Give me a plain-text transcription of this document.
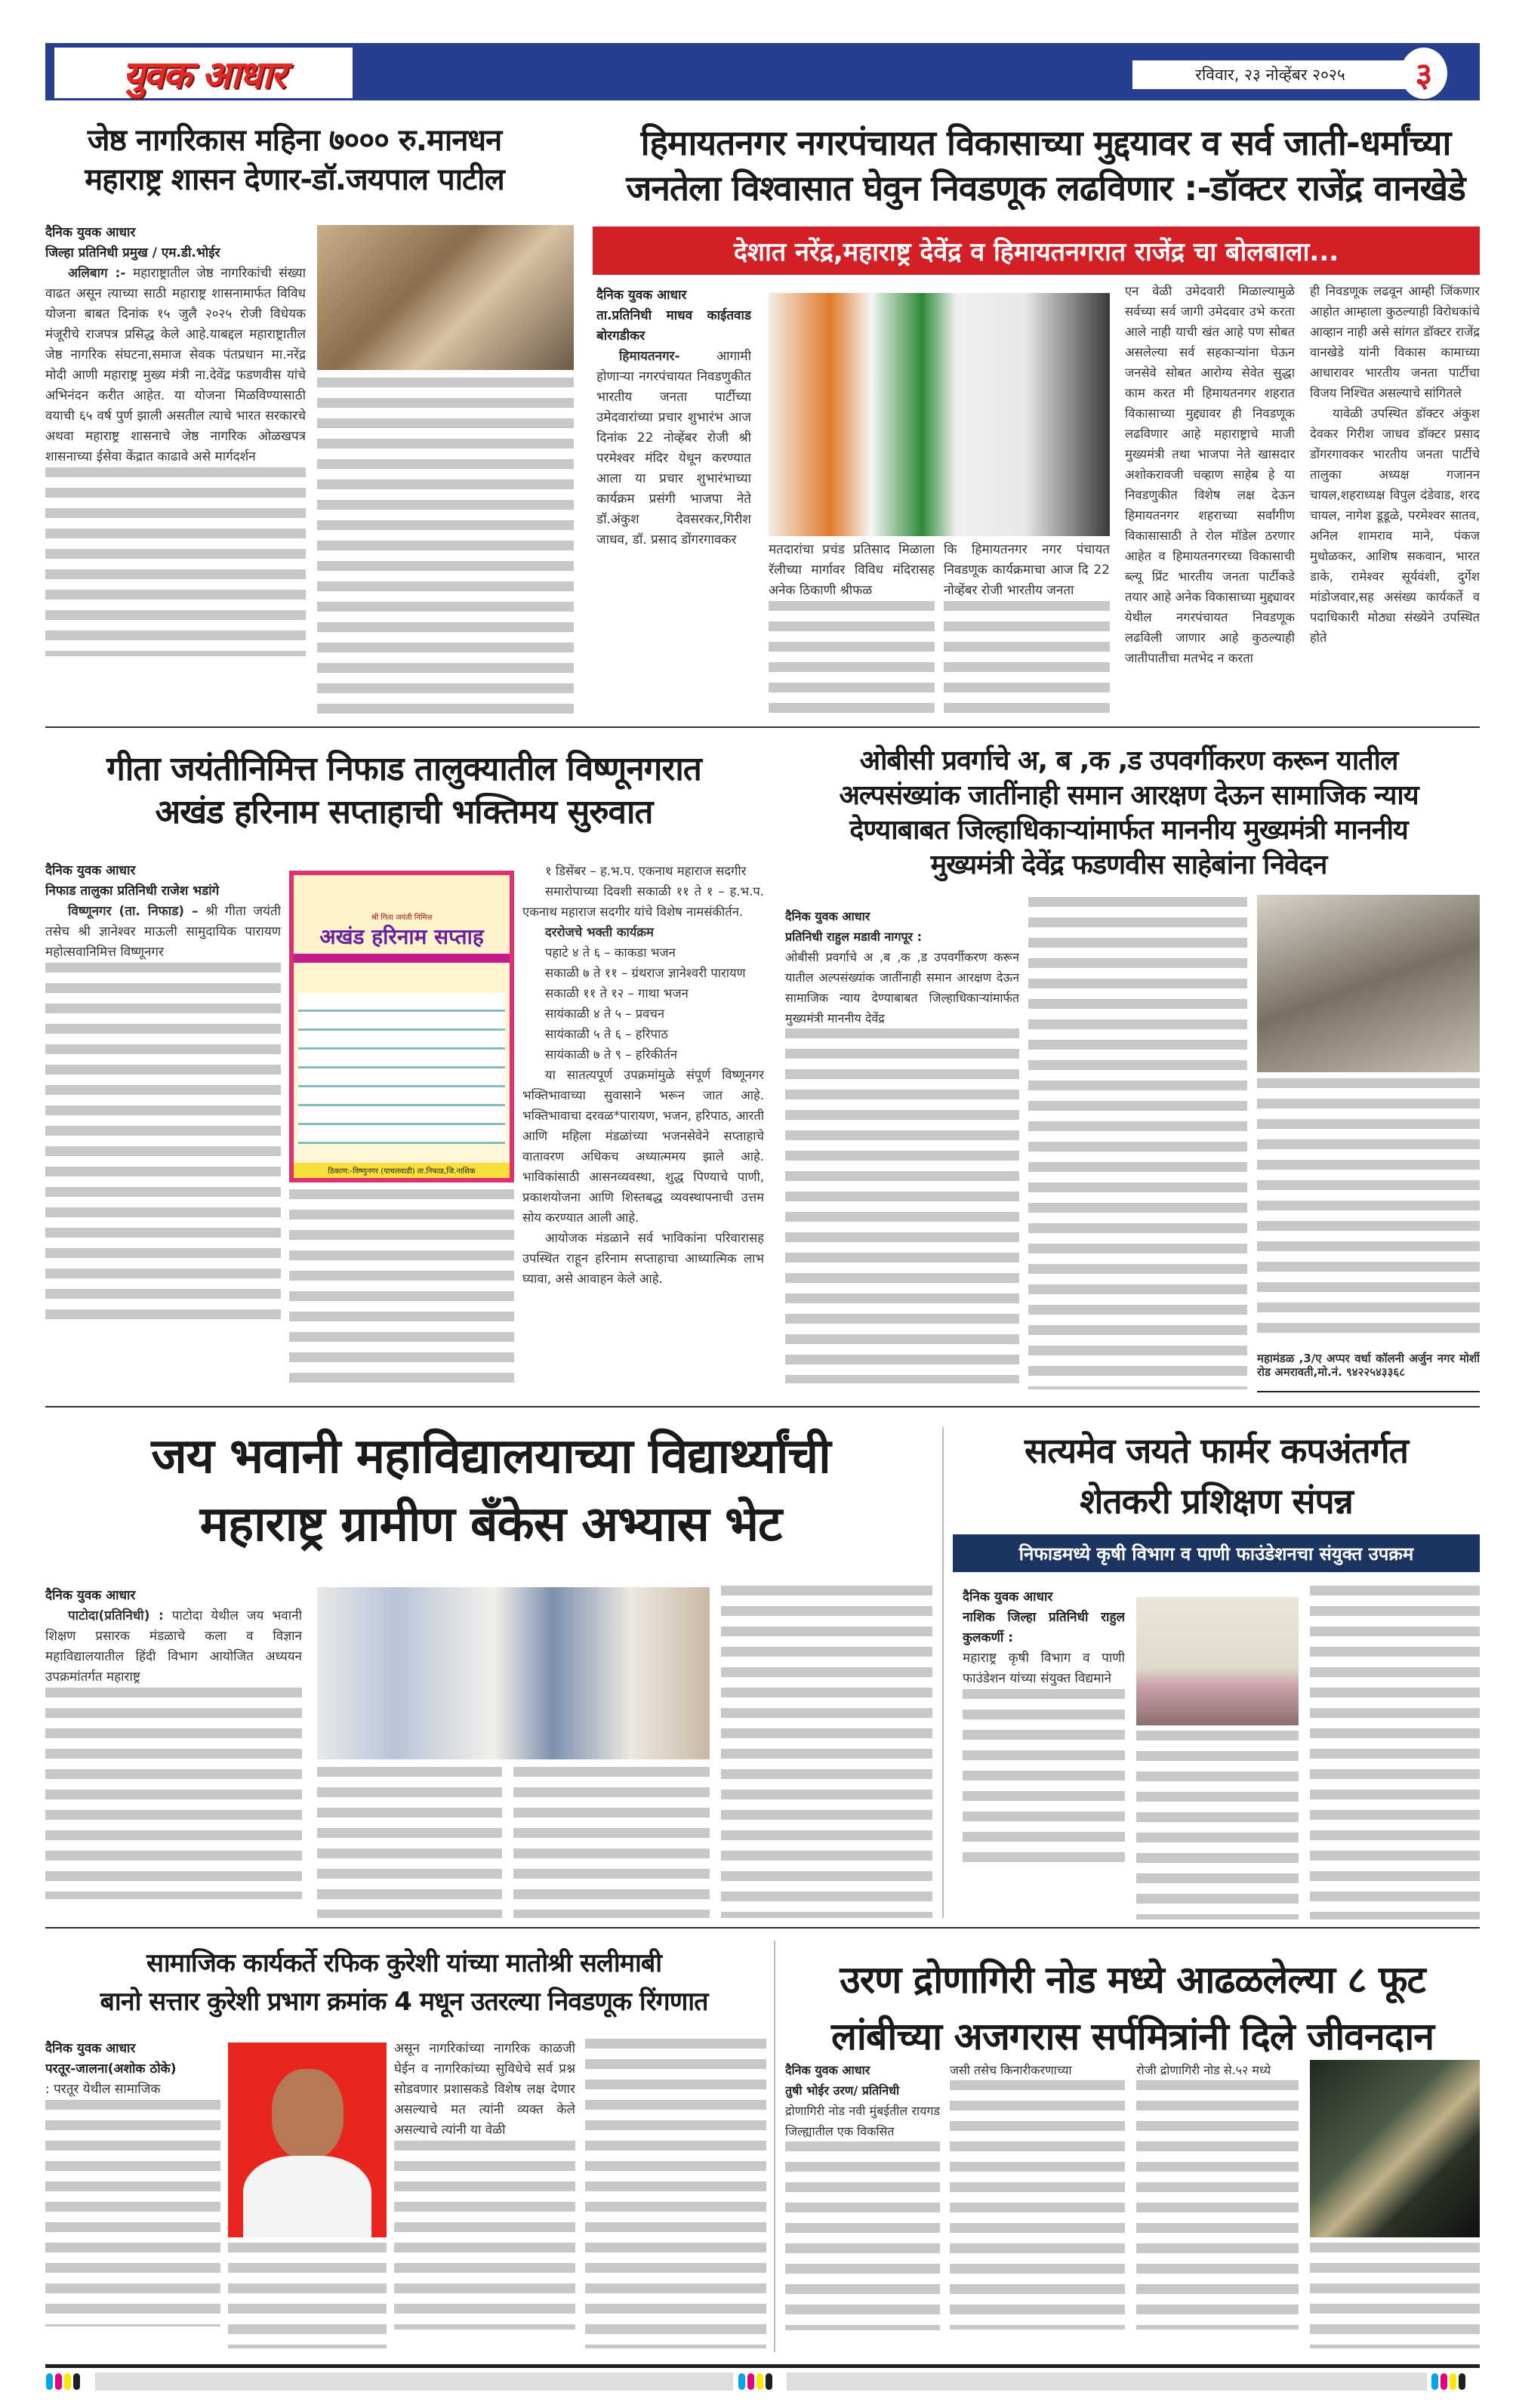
युवक आधार	रविवार, २३ नोव्हेंबर २०२५	३
जेष्ठ नागरिकास महिना ७००० रु.मानधन
महाराष्ट्र शासन देणार-डॉ.जयपाल पाटील
दैनिक युवक आधार
जिल्हा प्रतिनिधी प्रमुख / एम.डी.भोईर

अलिबाग :- महाराष्ट्रातील जेष्ठ नागरिकांची संख्या वाढत असून त्याच्या साठी महाराष्ट्र शासनामार्फत विविध योजना बाबत दिनांक १५ जुलै २०२५ रोजी विधेयक मंजूरीचे राजपत्र प्रसिद्ध केले आहे.याबद्दल महाराष्ट्रातील जेष्ठ नागरिक संघटना,समाज सेवक पंतप्रधान मा.नरेंद्र मोदी आणी महाराष्ट्र मुख्य मंत्री ना.देवेंद्र फडणवीस यांचे अभिनंदन करीत आहेत. या योजना मिळविण्यासाठी वयाची ६५ वर्ष पुर्ण झाली असतील त्याचे भारत सरकारचे अथवा महाराष्ट्र शासनाचे जेष्ठ नागरिक ओळखपत्र शासनाच्या ईसेवा केंद्रात काढावे असे मार्गदर्शन

हिमायतनगर नगरपंचायत विकासाच्या मुद्दयावर व सर्व जाती-धर्मांच्या
जनतेला विश्वासात घेवुन निवडणूक लढविणार :-डॉक्टर राजेंद्र वानखेडे
देशात नरेंद्र,महाराष्ट्र देवेंद्र व हिमायतनगरात राजेंद्र चा बोलबाला...
दैनिक युवक आधार
ता.प्रतिनिधी माधव काईतवाड बोरगडीकर

हिमायतनगर-	आगामी होणाऱ्या नगरपंचायत निवडणुकीत भारतीय जनता पार्टीच्या उमेदवारांच्या प्रचार शुभारंभ आज दिनांक 22 नोव्हेंबर रोजी श्री परमेश्वर मंदिर येथून करण्यात आला या प्रचार शुभारंभाच्या कार्यक्रम प्रसंगी भाजपा नेते डॉ.अंकुश देवसरकर,गिरीश जाधव, डॉ. प्रसाद डोंगरगावकर

मतदारांचा प्रचंड प्रतिसाद मिळाला रॅलीच्या मार्गावर विविध मंदिरासह अनेक ठिकाणी श्रीफळ
कि हिमायतनगर नगर पंचायत निवडणूक कार्यक्रमाचा आज दि 22 नोव्हेंबर रोजी भारतीय जनता
एन वेळी उमेदवारी मिळाल्यामुळे सर्वच्या सर्व जागी उमेदवार उभे करता आले नाही याची खंत आहे पण सोबत असलेल्या सर्व सहकाऱ्यांना घेऊन जनसेवे सोबत आरोग्य सेवेत सुद्धा काम करत मी हिमायतनगर शहरात विकासाच्या मुद्द्यावर ही निवडणूक लढविणार आहे महाराष्ट्राचे माजी मुख्यमंत्री तथा भाजपा नेते खासदार अशोकरावजी चव्हाण साहेब हे या निवडणुकीत विशेष लक्ष देऊन हिमायतनगर शहराच्या सर्वांगीण विकासासाठी ते रोल मॉडेल ठरणार आहेत व हिमायतनगरच्या विकासाची ब्ल्यू प्रिंट भारतीय जनता पार्टीकडे तयार आहे अनेक विकासाच्या मुद्द्यावर येथील नगरपंचायत निवडणूक लढविली जाणार आहे कुठल्याही जातीपातीचा मतभेद न करता
ही निवडणूक लढवून आम्ही जिंकणार आहोत आम्हाला कुठल्याही विरोधकांचे आव्हान नाही असे सांगत डॉक्टर राजेंद्र वानखेडे यांनी विकास कामाच्या आधारावर भारतीय जनता पार्टीचा विजय निश्चित असल्याचे सांगितले

यावेळी उपस्थित डॉक्टर अंकुश देवकर गिरीश जाधव डॉक्टर प्रसाद डोंगरगावकर भारतीय जनता पार्टीचे तालुका अध्यक्ष गजानन चायल,शहराध्यक्ष विपुल दंडेवाड, शरद चायल, नागेश डूडूळे, परमेश्वर सातव, अनिल शामराव माने, पंकज मुधोळकर, आशिष सकवान, भारत डाके, रामेश्वर सूर्यवंशी, दुर्गेश मांडोजवार,सह असंख्य कार्यकर्ते व पदाधिकारी मोठ्या संख्येने उपस्थित होते

गीता जयंतीनिमित्त निफाड तालुक्यातील विष्णूनगरात
अखंड हरिनाम सप्ताहाची भक्तिमय सुरुवात
दैनिक युवक आधार
निफाड तालुका प्रतिनिधी राजेश भडांगे

विष्णूनगर (ता. निफाड) – श्री गीता जयंती तसेच श्री ज्ञानेश्वर माऊली सामुदायिक पारायण महोत्सवानिमित्त विष्णूनगर

श्री गिता जयंती निमित्त
अखंड हरिनाम सप्ताह
ठिकाण:-विष्णुनगर (पाचलवाडी) ता.निफाड,जि.नाशिक

१ डिसेंबर – ह.भ.प. एकनाथ महाराज सदगीर

समारोपाच्या दिवशी सकाळी ११ ते १ – ह.भ.प. एकनाथ महाराज सदगीर यांचे विशेष नामसंकीर्तन.

दररोजचे भक्ती कार्यक्रम

पहाटे ४ ते ६ – काकडा भजन

सकाळी ७ ते ११ – ग्रंथराज ज्ञानेश्वरी पारायण

सकाळी ११ ते १२ – गाथा भजन

सायंकाळी ४ ते ५ – प्रवचन

सायंकाळी ५ ते ६ – हरिपाठ

सायंकाळी ७ ते ९ – हरिकीर्तन

या सातत्यपूर्ण उपक्रमांमुळे संपूर्ण विष्णूनगर भक्तिभावाच्या सुवासाने भरून जात आहे. भक्तिभावाचा दरवळ*पारायण, भजन, हरिपाठ, आरती आणि महिला मंडळांच्या भजनसेवेने सप्ताहाचे वातावरण अधिकच अध्यात्ममय झाले आहे. भाविकांसाठी आसनव्यवस्था, शुद्ध पिण्याचे पाणी, प्रकाशयोजना आणि शिस्तबद्ध व्यवस्थापनाची उत्तम सोय करण्यात आली आहे.

आयोजक मंडळाने सर्व भाविकांना परिवारासह उपस्थित राहून हरिनाम सप्ताहाचा आध्यात्मिक लाभ घ्यावा, असे आवाहन केले आहे.

ओबीसी प्रवर्गाचे अ, ब ,क ,ड उपवर्गीकरण करून यातील
अल्पसंख्यांक जातींनाही समान आरक्षण देऊन सामाजिक न्याय
देण्याबाबत जिल्हाधिकाऱ्यांमार्फत माननीय मुख्यमंत्री माननीय
मुख्यमंत्री देवेंद्र फडणवीस साहेबांना निवेदन
दैनिक युवक आधार
प्रतिनिधी राहुल मडावी नागपूर :
ओबीसी प्रवर्गाचे अ ,ब ,क ,ड उपवर्गीकरण करून यातील अल्पसंख्यांक जातींनाही समान आरक्षण देऊन सामाजिक न्याय देण्याबाबत जिल्हाधिकाऱ्यांमार्फत मुख्यमंत्री माननीय देवेंद्र
महामंडळ ,3/ए अप्पर वर्धा कॉलनी अर्जुन नगर मोर्शी रोड अमरावती,मो.नं. ९४२२५४३३६८
जय भवानी महाविद्यालयाच्या विद्यार्थ्यांची
महाराष्ट्र ग्रामीण बँकेस अभ्यास भेट
दैनिक युवक आधार

पाटोदा(प्रतिनिधी) : पाटोदा येथील जय भवानी शिक्षण प्रसारक मंडळाचे कला व विज्ञान महाविद्यालयातील हिंदी विभाग आयोजित अध्ययन उपक्रमांतर्गत महाराष्ट्र

सत्यमेव जयते फार्मर कपअंतर्गत
शेतकरी प्रशिक्षण संपन्न
निफाडमध्ये कृषी विभाग व पाणी फाउंडेशनचा संयुक्त उपक्रम
दैनिक युवक आधार
नाशिक जिल्हा प्रतिनिधी राहुल कुलकर्णी :
महाराष्ट्र कृषी विभाग व पाणी फाउंडेशन यांच्या संयुक्त विद्यमाने
सामाजिक कार्यकर्ते रफिक कुरेशी यांच्या मातोश्री सलीमाबी
बानो सत्तार कुरेशी प्रभाग क्रमांक 4 मधून उतरल्या निवडणूक रिंगणात
दैनिक युवक आधार
परतूर-जालना(अशोक ठोके)
: परतूर येथील सामाजिक
असून नागरिकांच्या नागरिक काळजी घेईन व नागरिकांच्या सुविधेचे सर्व प्रश्न सोडवणार प्रशासकडे विशेष लक्ष देणार असल्याचे मत त्यांनी व्यक्त केले असल्याचे त्यांनी या वेळी
उरण द्रोणागिरी नोड मध्ये आढळलेल्या ८ फूट
लांबीच्या अजगरास सर्पमित्रांनी दिले जीवनदान
दैनिक युवक आधार
तुषी भोईर उरण/ प्रतिनिधी
द्रोणागिरी नोड नवी मुंबईतील रायगड जिल्ह्यातील एक विकसित
जसी तसेच किनारीकरणाच्या	रोजी द्रोणागिरी नोड से.५२ मध्ये
